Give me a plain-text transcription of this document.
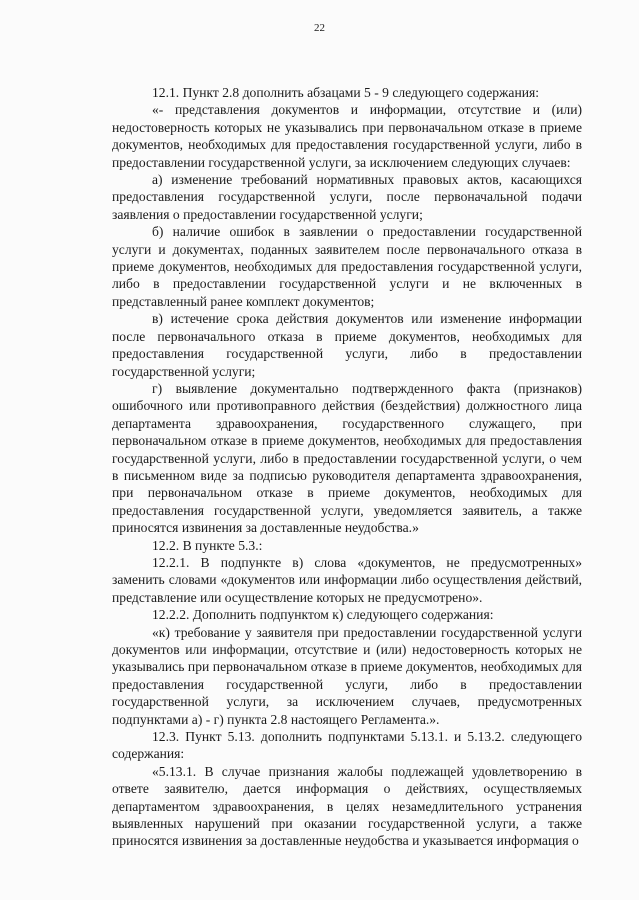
22

12.1. Пункт 2.8 дополнить абзацами 5 - 9 следующего содержания:

«- представления документов и информации, отсутствие и (или) недостоверность которых не указывались при первоначальном отказе в приеме документов, необходимых для предоставления государственной услуги, либо в предоставлении государственной услуги, за исключением следующих случаев:

а) изменение требований нормативных правовых актов, касающихся предоставления государственной услуги, после первоначальной подачи заявления о предоставлении государственной услуги;

б) наличие ошибок в заявлении о предоставлении государственной услуги и документах, поданных заявителем после первоначального отказа в приеме документов, необходимых для предоставления государственной услуги, либо в предоставлении государственной услуги и не включенных в представленный ранее комплект документов;

в) истечение срока действия документов или изменение информации после первоначального отказа в приеме документов, необходимых для предоставления государственной услуги, либо в предоставлении государственной услуги;

г) выявление документально подтвержденного факта (признаков) ошибочного или противоправного действия (бездействия) должностного лица департамента здравоохранения, государственного служащего, при первоначальном отказе в приеме документов, необходимых для предоставления государственной услуги, либо в предоставлении государственной услуги, о чем в письменном виде за подписью руководителя департамента здравоохранения, при первоначальном отказе в приеме документов, необходимых для предоставления государственной услуги, уведомляется заявитель, а также приносятся извинения за доставленные неудобства.»

12.2. В пункте 5.3.:

12.2.1. В подпункте в) слова «документов, не предусмотренных» заменить словами «документов или информации либо осуществления действий, представление или осуществление которых не предусмотрено».

12.2.2. Дополнить подпунктом к) следующего содержания:

«к) требование у заявителя при предоставлении государственной услуги документов или информации, отсутствие и (или) недостоверность которых не указывались при первоначальном отказе в приеме документов, необходимых для предоставления государственной услуги, либо в предоставлении государственной услуги, за исключением случаев, предусмотренных подпунктами а) - г) пункта 2.8 настоящего Регламента.».

12.3. Пункт 5.13. дополнить подпунктами 5.13.1. и 5.13.2. следующего содержания:

«5.13.1. В случае признания жалобы подлежащей удовлетворению в ответе заявителю, дается информация о действиях, осуществляемых департаментом здравоохранения, в целях незамедлительного устранения выявленных нарушений при оказании государственной услуги, а также приносятся извинения за доставленные неудобства и указывается информация о
